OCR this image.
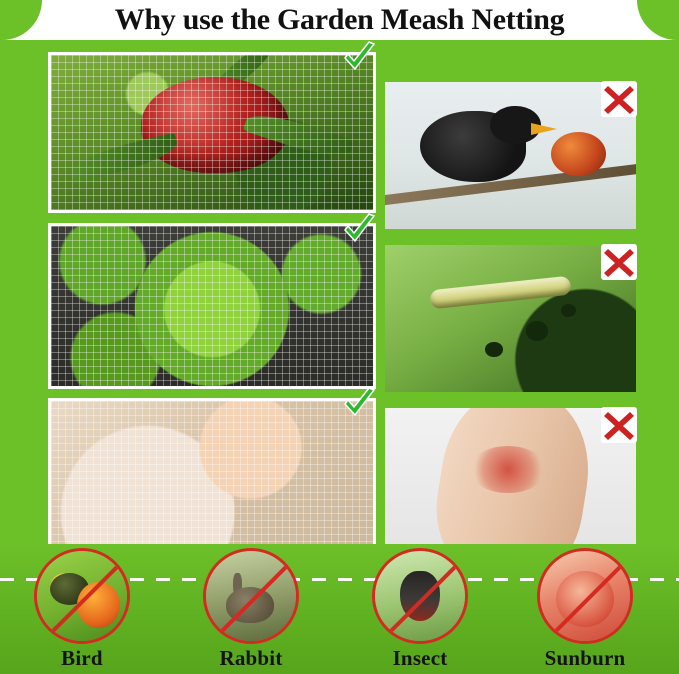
Why use the Garden Meash Netting
Bird	Rabbit	Insect	Sunburn
